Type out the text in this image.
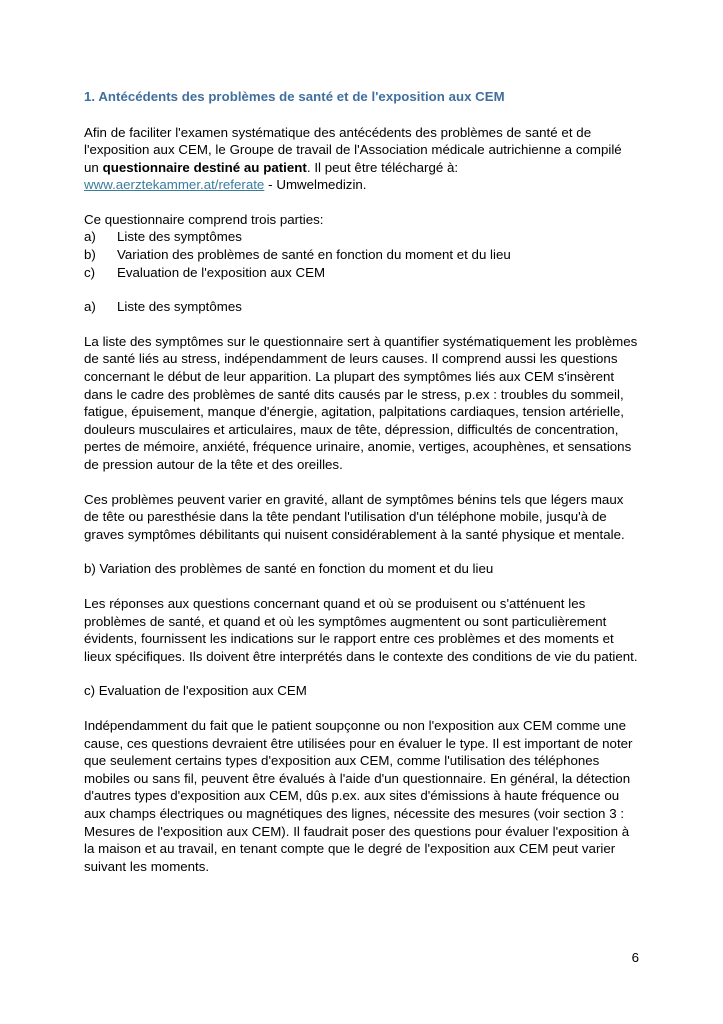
1. Antécédents des problèmes de santé et de l'exposition aux CEM

Afin de faciliter l'examen systématique des antécédents des problèmes de santé et de l'exposition aux CEM, le Groupe de travail de l'Association médicale autrichienne a compilé un questionnaire destiné au patient. Il peut être téléchargé à: www.aerztekammer.at/referate - Umwelmedizin.

Ce questionnaire comprend trois parties:

a)	Liste des symptômes
b)	Variation des problèmes de santé en fonction du moment et du lieu
c)	Evaluation de l'exposition aux CEM
a) Liste des symptômes

La liste des symptômes sur le questionnaire sert à quantifier systématiquement les problèmes de santé liés au stress, indépendamment de leurs causes. Il comprend aussi les questions concernant le début de leur apparition. La plupart des symptômes liés aux CEM s'insèrent dans le cadre des problèmes de santé dits causés par le stress, p.ex : troubles du sommeil, fatigue, épuisement, manque d'énergie, agitation, palpitations cardiaques, tension artérielle, douleurs musculaires et articulaires, maux de tête, dépression, difficultés de concentration, pertes de mémoire, anxiété, fréquence urinaire, anomie, vertiges, acouphènes, et sensations de pression autour de la tête et des oreilles.

Ces problèmes peuvent varier en gravité, allant de symptômes bénins tels que légers maux de tête ou paresthésie dans la tête pendant l'utilisation d'un téléphone mobile, jusqu'à de graves symptômes débilitants qui nuisent considérablement à la santé physique et mentale.

b) Variation des problèmes de santé en fonction du moment et du lieu

Les réponses aux questions concernant quand et où se produisent ou s'atténuent les problèmes de santé, et quand et où les symptômes augmentent ou sont particulièrement évidents, fournissent les indications sur le rapport entre ces problèmes et des moments et lieux spécifiques. Ils doivent être interprétés dans le contexte des conditions de vie du patient.

c) Evaluation de l'exposition aux CEM

Indépendamment du fait que le patient soupçonne ou non l'exposition aux CEM comme une cause, ces questions devraient être utilisées pour en évaluer le type. Il est important de noter que seulement certains types d'exposition aux CEM, comme l'utilisation des téléphones mobiles ou sans fil, peuvent être évalués à l'aide d'un questionnaire. En général, la détection d'autres types d'exposition aux CEM, dûs p.ex. aux sites d'émissions à haute fréquence ou aux champs électriques ou magnétiques des lignes, nécessite des mesures (voir section 3 : Mesures de l'exposition aux CEM). Il faudrait poser des questions pour évaluer l'exposition à la maison et au travail, en tenant compte que le degré de l'exposition aux CEM peut varier suivant les moments.

6
